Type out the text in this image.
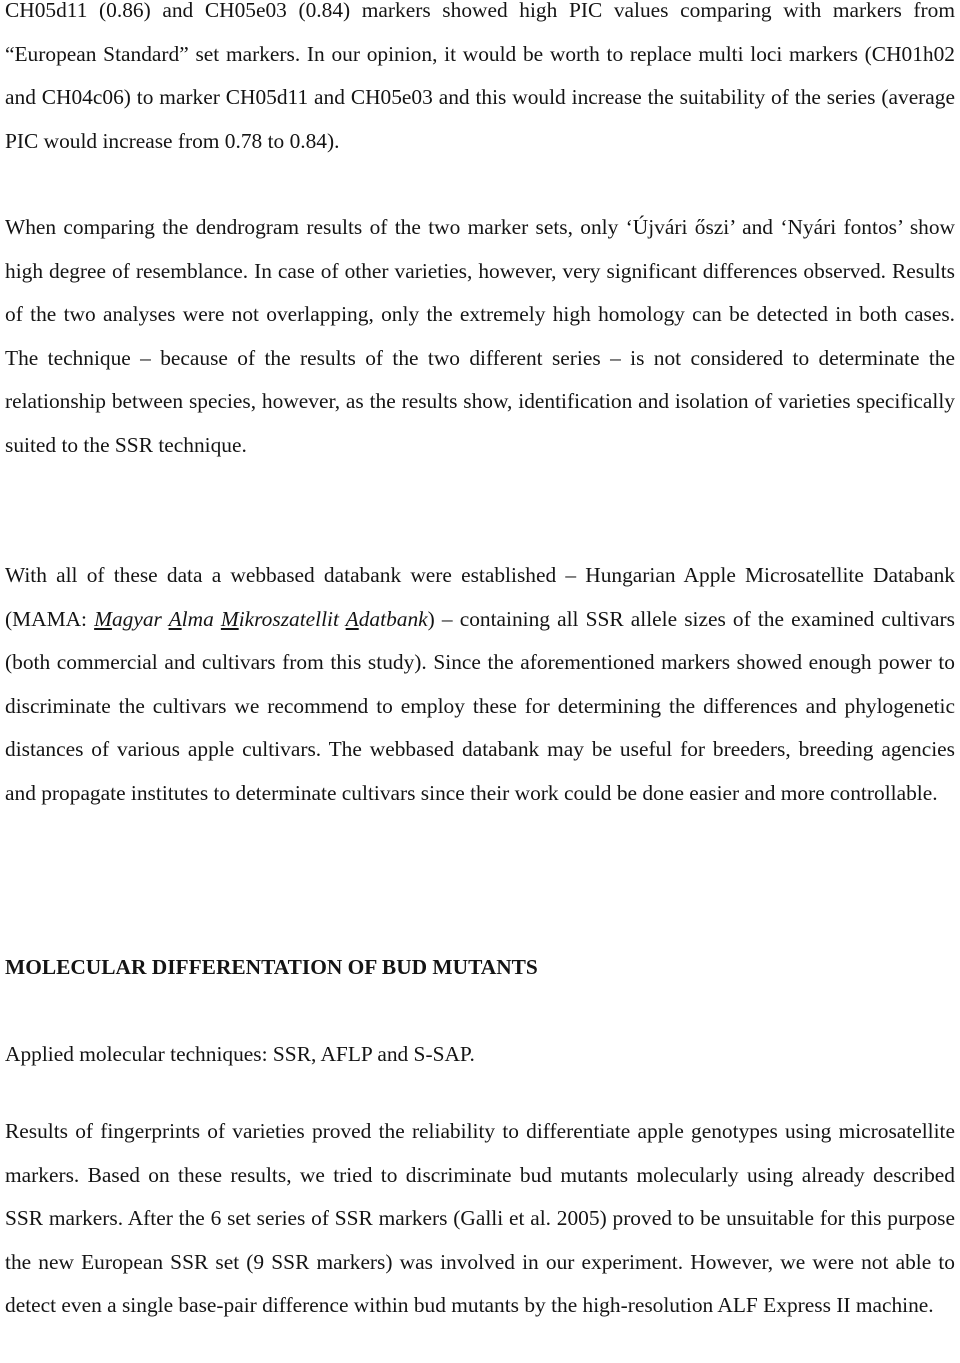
CH05d11 (0.86) and CH05e03 (0.84) markers showed high PIC values comparing with markers from “European Standard” set markers. In our opinion, it would be worth to replace multi loci markers (CH01h02 and CH04c06) to marker CH05d11 and CH05e03 and this would increase the suitability of the series (average PIC would increase from 0.78 to 0.84).

When comparing the dendrogram results of the two marker sets, only ‘Újvári őszi’ and ‘Nyári fontos’ show high degree of resemblance. In case of other varieties, however, very significant differences observed. Results of the two analyses were not overlapping, only the extremely high homology can be detected in both cases. The technique – because of the results of the two different series – is not considered to determinate the relationship between species, however, as the results show, identification and isolation of varieties specifically suited to the SSR technique.

With all of these data a webbased databank were established – Hungarian Apple Microsatellite Databank (MAMA: Magyar Alma Mikroszatellit Adatbank) – containing all SSR allele sizes of the examined cultivars (both commercial and cultivars from this study). Since the aforementioned markers showed enough power to discriminate the cultivars we recommend to employ these for determining the differences and phylogenetic distances of various apple cultivars. The webbased databank may be useful for breeders, breeding agencies and propagate institutes to determinate cultivars since their work could be done easier and more controllable.

MOLECULAR DIFFERENTATION OF BUD MUTANTS

Applied molecular techniques: SSR, AFLP and S-SAP.

Results of fingerprints of varieties proved the reliability to differentiate apple genotypes using microsatellite markers. Based on these results, we tried to discriminate bud mutants molecularly using already described SSR markers. After the 6 set series of SSR markers (Galli et al. 2005) proved to be unsuitable for this purpose the new European SSR set (9 SSR markers) was involved in our experiment. However, we were not able to detect even a single base-pair difference within bud mutants by the high-resolution ALF Express II machine.
